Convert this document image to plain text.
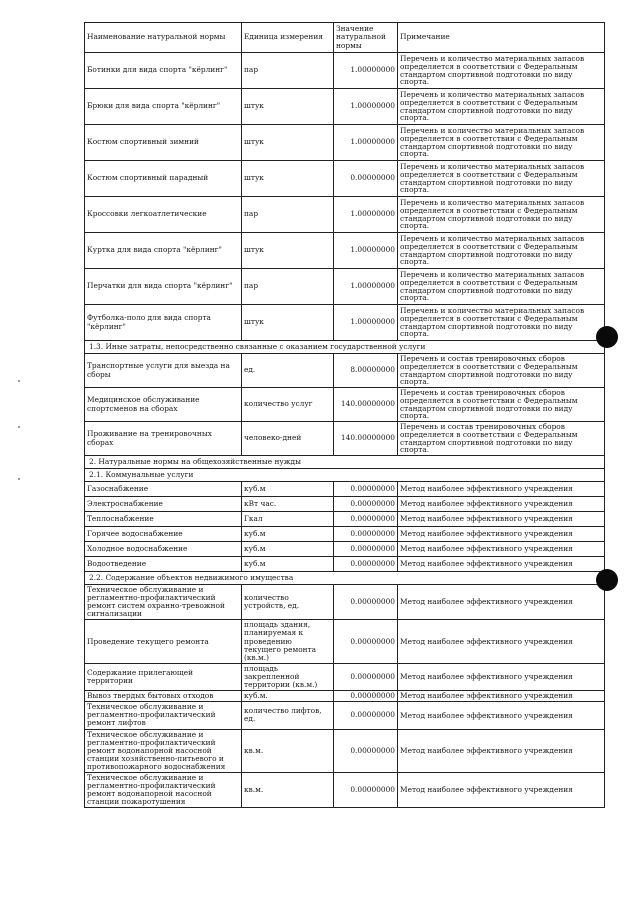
Наименование натуральной нормы	Единица измерения	Значение натуральной нормы	Примечание
Ботинки для вида спорта "кёрлинг"	пар	1.00000000	Перечень и количество материальных запасов определяется в соответствии с Федеральным стандартом спортивной подготовки по виду спорта.
Брюки для вида спорта "кёрлинг"	штук	1.00000000	Перечень и количество материальных запасов определяется в соответствии с Федеральным стандартом спортивной подготовки по виду спорта.
Костюм спортивный зимний	штук	1.00000000	Перечень и количество материальных запасов определяется в соответствии с Федеральным стандартом спортивной подготовки по виду спорта.
Костюм спортивный парадный	штук	0.00000000	Перечень и количество материальных запасов определяется в соответствии с Федеральным стандартом спортивной подготовки по виду спорта.
Кроссовки легкоатлетические	пар	1.00000000	Перечень и количество материальных запасов определяется в соответствии с Федеральным стандартом спортивной подготовки по виду спорта.
Куртка для вида спорта "кёрлинг"	штук	1.00000000	Перечень и количество материальных запасов определяется в соответствии с Федеральным стандартом спортивной подготовки по виду спорта.
Перчатки для вида спорта "кёрлинг"	пар	1.00000000	Перечень и количество материальных запасов определяется в соответствии с Федеральным стандартом спортивной подготовки по виду спорта.
Футболка-поло для вида спорта "кёрлинг"	штук	1.00000000	Перечень и количество материальных запасов определяется в соответствии с Федеральным стандартом спортивной подготовки по виду спорта.
1.3. Иные затраты, непосредственно связанные с оказанием государственной услуги			
Транспортные услуги для выезда на сборы	ед.	8.00000000	Перечень и состав тренировочных сборов определяется в соответствии с Федеральным стандартом спортивной подготовки по виду спорта.
Медицинское обслуживание спортсменов на сборах	количество услуг	140.00000000	Перечень и состав тренировочных сборов определяется в соответствии с Федеральным стандартом спортивной подготовки по виду спорта.
Проживание на тренировочных сборах	человеко-дней	140.00000000	Перечень и состав тренировочных сборов определяется в соответствии с Федеральным стандартом спортивной подготовки по виду спорта.
2. Натуральные нормы на общехозяйственные нужды			
2.1. Коммунальные услуги			
Газоснабжение	куб.м	0.00000000	Метод наиболее эффективного учреждения
Электроснабжение	кВт час.	0.00000000	Метод наиболее эффективного учреждения
Теплоснабжение	Гкал	0.00000000	Метод наиболее эффективного учреждения
Горячее водоснабжение	куб.м	0.00000000	Метод наиболее эффективного учреждения
Холодное водоснабжение	куб.м	0.00000000	Метод наиболее эффективного учреждения
Водоотведение	куб.м	0.00000000	Метод наиболее эффективного учреждения
2.2. Содержание объектов недвижимого имущества			
Техническое обслуживание и регламентно-профилактический ремонт систем охранно-тревожной сигнализации	количество устройств, ед.	0.00000000	Метод наиболее эффективного учреждения
Проведение текущего ремонта	площадь здания, планируемая к проведению текущего ремонта (кв.м.)	0.00000000	Метод наиболее эффективного учреждения
Содержание прилегающей территории	площадь закрепленной территории (кв.м.)	0.00000000	Метод наиболее эффективного учреждения
Вывоз твердых бытовых отходов	куб.м.	0.00000000	Метод наиболее эффективного учреждения
Техническое обслуживание и регламентно-профилактический ремонт лифтов	количество лифтов, ед.	0.00000000	Метод наиболее эффективного учреждения
Техническое обслуживание и регламентно-профилактический ремонт водонапорной насосной станции хозяйственно-питьевого и противопожарного водоснабжения	кв.м.	0.00000000	Метод наиболее эффективного учреждения
Техническое обслуживание и регламентно-профилактический ремонт водонапорной насосной станции пожаротушения	кв.м.	0.00000000	Метод наиболее эффективного учреждения
